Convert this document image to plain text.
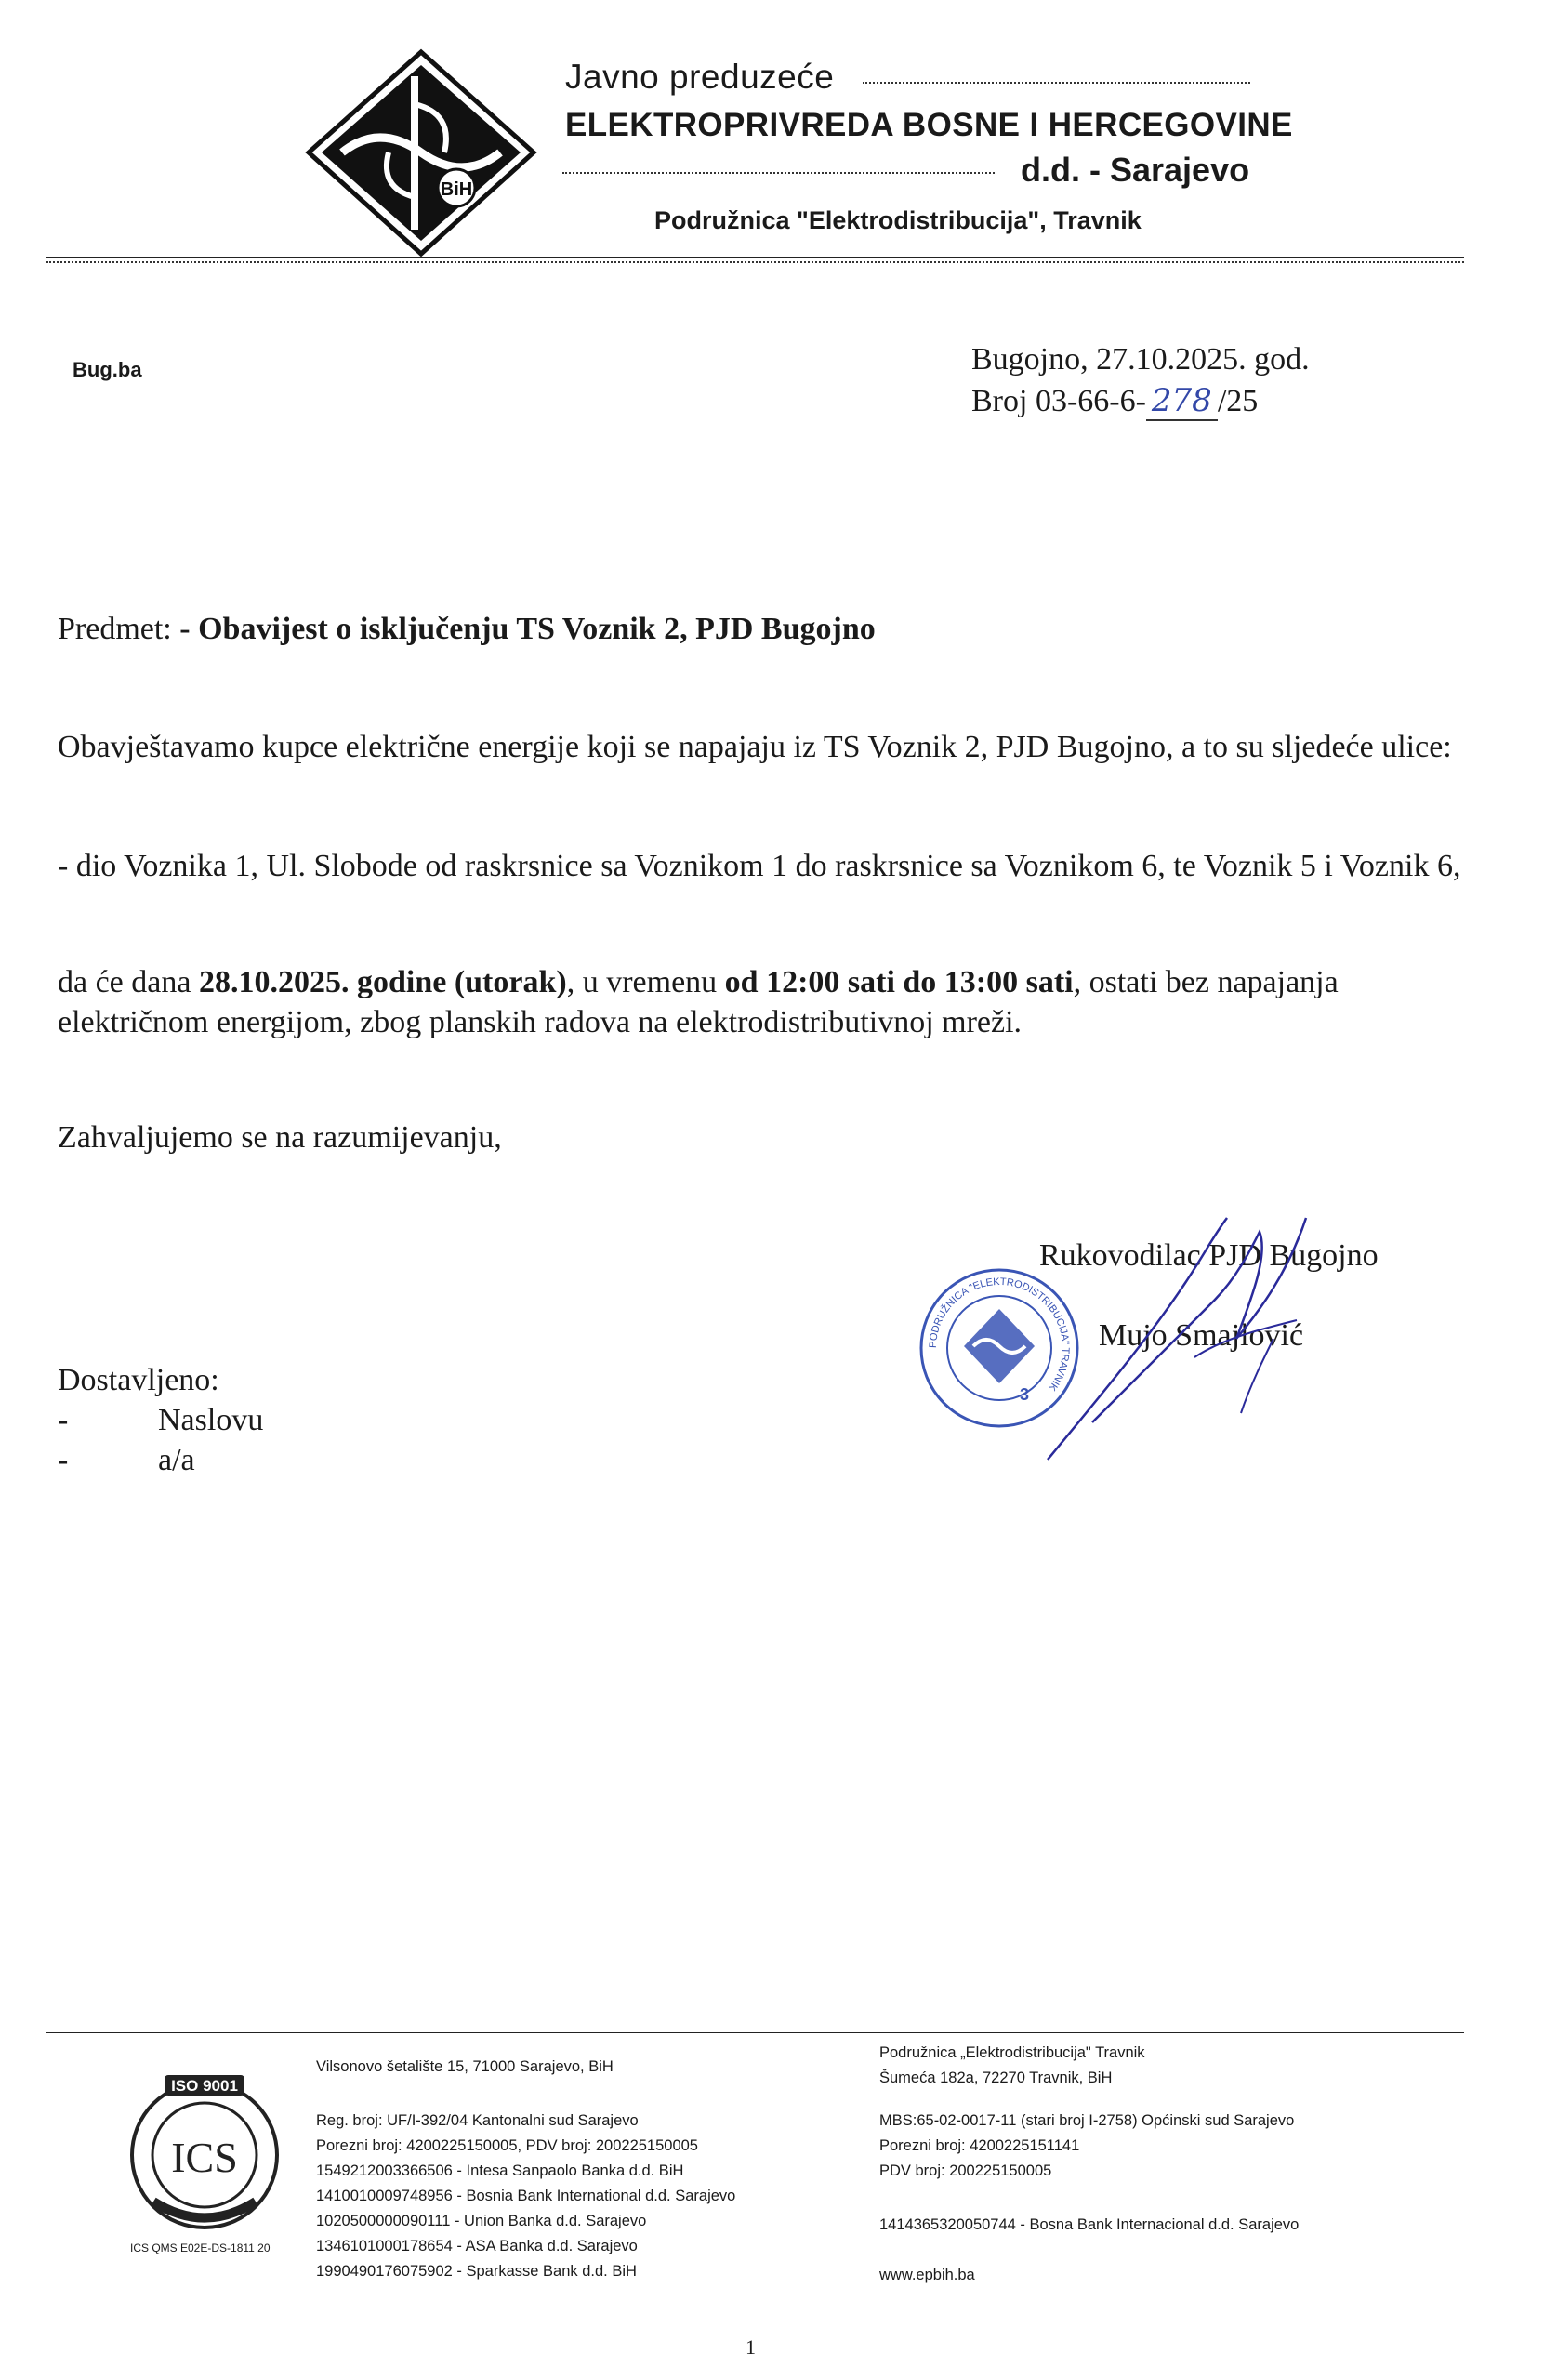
BiH
Javno preduzeće
ELEKTROPRIVREDA BOSNE I HERCEGOVINE
d.d. - Sarajevo
Podružnica "Elektrodistribucija", Travnik
Bug.ba	Bugojno, 27.10.2025. god.
Broj 03-66-6- 278 /25
Predmet: - Obavijest o isključenju TS Voznik 2, PJD Bugojno
Obavještavamo kupce električne energije koji se napajaju iz TS Voznik 2, PJD Bugojno, a to su sljedeće ulice:
- dio Voznika 1, Ul. Slobode od raskrsnice sa Voznikom 1 do raskrsnice sa Voznikom 6, te Voznik 5 i Voznik 6,
da će dana 28.10.2025. godine (utorak), u vremenu od 12:00 sati do 13:00 sati, ostati bez napajanja električnom energijom, zbog planskih radova na elektrodistributivnoj mreži.
Zahvaljujemo se na razumijevanju,
Rukovodilac PJD Bugojno
Mujo Smajlović
PODRUŽNICA "ELEKTRODISTRIBUCIJA" TRAVNIK
3
Dostavljeno:
-	Naslovu
-	a/a
ISO 9001
ICS
ICS QMS E02E-DS-1811 20
Vilsonovo šetalište 15, 71000 Sarajevo, BiH
Reg. broj: UF/I-392/04 Kantonalni sud Sarajevo
Porezni broj: 4200225150005, PDV broj: 200225150005
1549212003366506 - Intesa Sanpaolo Banka d.d. BiH
1410010009748956 - Bosnia Bank International d.d. Sarajevo
1020500000090111 - Union Banka d.d. Sarajevo
1346101000178654 - ASA Banka d.d. Sarajevo
1990490176075902 - Sparkasse Bank d.d. BiH
Podružnica „Elektrodistribucija" Travnik
Šumeća 182a, 72270 Travnik, BiH
MBS:65-02-0017-11 (stari broj I-2758) Općinski sud Sarajevo
Porezni broj: 4200225151141
PDV broj: 200225150005
1414365320050744 - Bosna Bank Internacional d.d. Sarajevo
www.epbih.ba
1
